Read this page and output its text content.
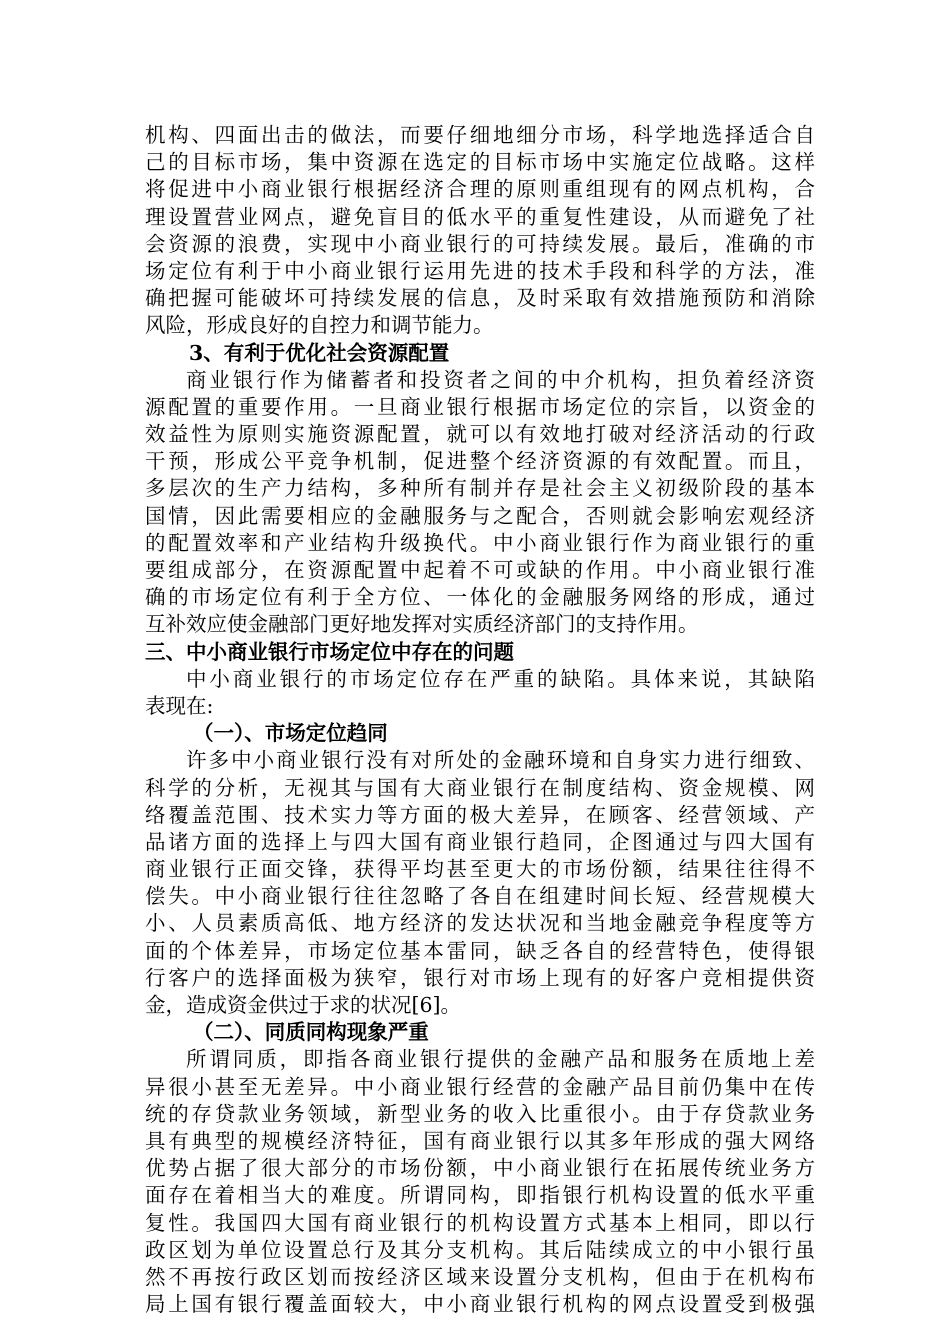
机构、四面出击的做法，而要仔细地细分市场，科学地选择适合自
己的目标市场，集中资源在选定的目标市场中实施定位战略。这样
将促进中小商业银行根据经济合理的原则重组现有的网点机构，合
理设置营业网点，避免盲目的低水平的重复性建设，从而避免了社
会资源的浪费，实现中小商业银行的可持续发展。最后，准确的市
场定位有利于中小商业银行运用先进的技术手段和科学的方法，准
确把握可能破坏可持续发展的信息，及时采取有效措施预防和消除
风险，形成良好的自控力和调节能力。
3、有利于优化社会资源配置
商业银行作为储蓄者和投资者之间的中介机构，担负着经济资
源配置的重要作用。一旦商业银行根据市场定位的宗旨，以资金的
效益性为原则实施资源配置，就可以有效地打破对经济活动的行政
干预，形成公平竞争机制，促进整个经济资源的有效配置。而且，
多层次的生产力结构，多种所有制并存是社会主义初级阶段的基本
国情，因此需要相应的金融服务与之配合，否则就会影响宏观经济
的配置效率和产业结构升级换代。中小商业银行作为商业银行的重
要组成部分，在资源配置中起着不可或缺的作用。中小商业银行准
确的市场定位有利于全方位、一体化的金融服务网络的形成，通过
互补效应使金融部门更好地发挥对实质经济部门的支持作用。
三、中小商业银行市场定位中存在的问题
中小商业银行的市场定位存在严重的缺陷。具体来说，其缺陷
表现在:
（一）、市场定位趋同
许多中小商业银行没有对所处的金融环境和自身实力进行细致、
科学的分析，无视其与国有大商业银行在制度结构、资金规模、网
络覆盖范围、技术实力等方面的极大差异，在顾客、经营领域、产
品诸方面的选择上与四大国有商业银行趋同，企图通过与四大国有
商业银行正面交锋，获得平均甚至更大的市场份额，结果往往得不
偿失。中小商业银行往往忽略了各自在组建时间长短、经营规模大
小、人员素质高低、地方经济的发达状况和当地金融竞争程度等方
面的个体差异，市场定位基本雷同，缺乏各自的经营特色，使得银
行客户的选择面极为狭窄，银行对市场上现有的好客户竞相提供资
金，造成资金供过于求的状况[6]。
（二）、同质同构现象严重
所谓同质，即指各商业银行提供的金融产品和服务在质地上差
异很小甚至无差异。中小商业银行经营的金融产品目前仍集中在传
统的存贷款业务领域，新型业务的收入比重很小。由于存贷款业务
具有典型的规模经济特征，国有商业银行以其多年形成的强大网络
优势占据了很大部分的市场份额，中小商业银行在拓展传统业务方
面存在着相当大的难度。所谓同构，即指银行机构设置的低水平重
复性。我国四大国有商业银行的机构设置方式基本上相同，即以行
政区划为单位设置总行及其分支机构。其后陆续成立的中小银行虽
然不再按行政区划而按经济区域来设置分支机构，但由于在机构布
局上国有银行覆盖面较大，中小商业银行机构的网点设置受到极强
